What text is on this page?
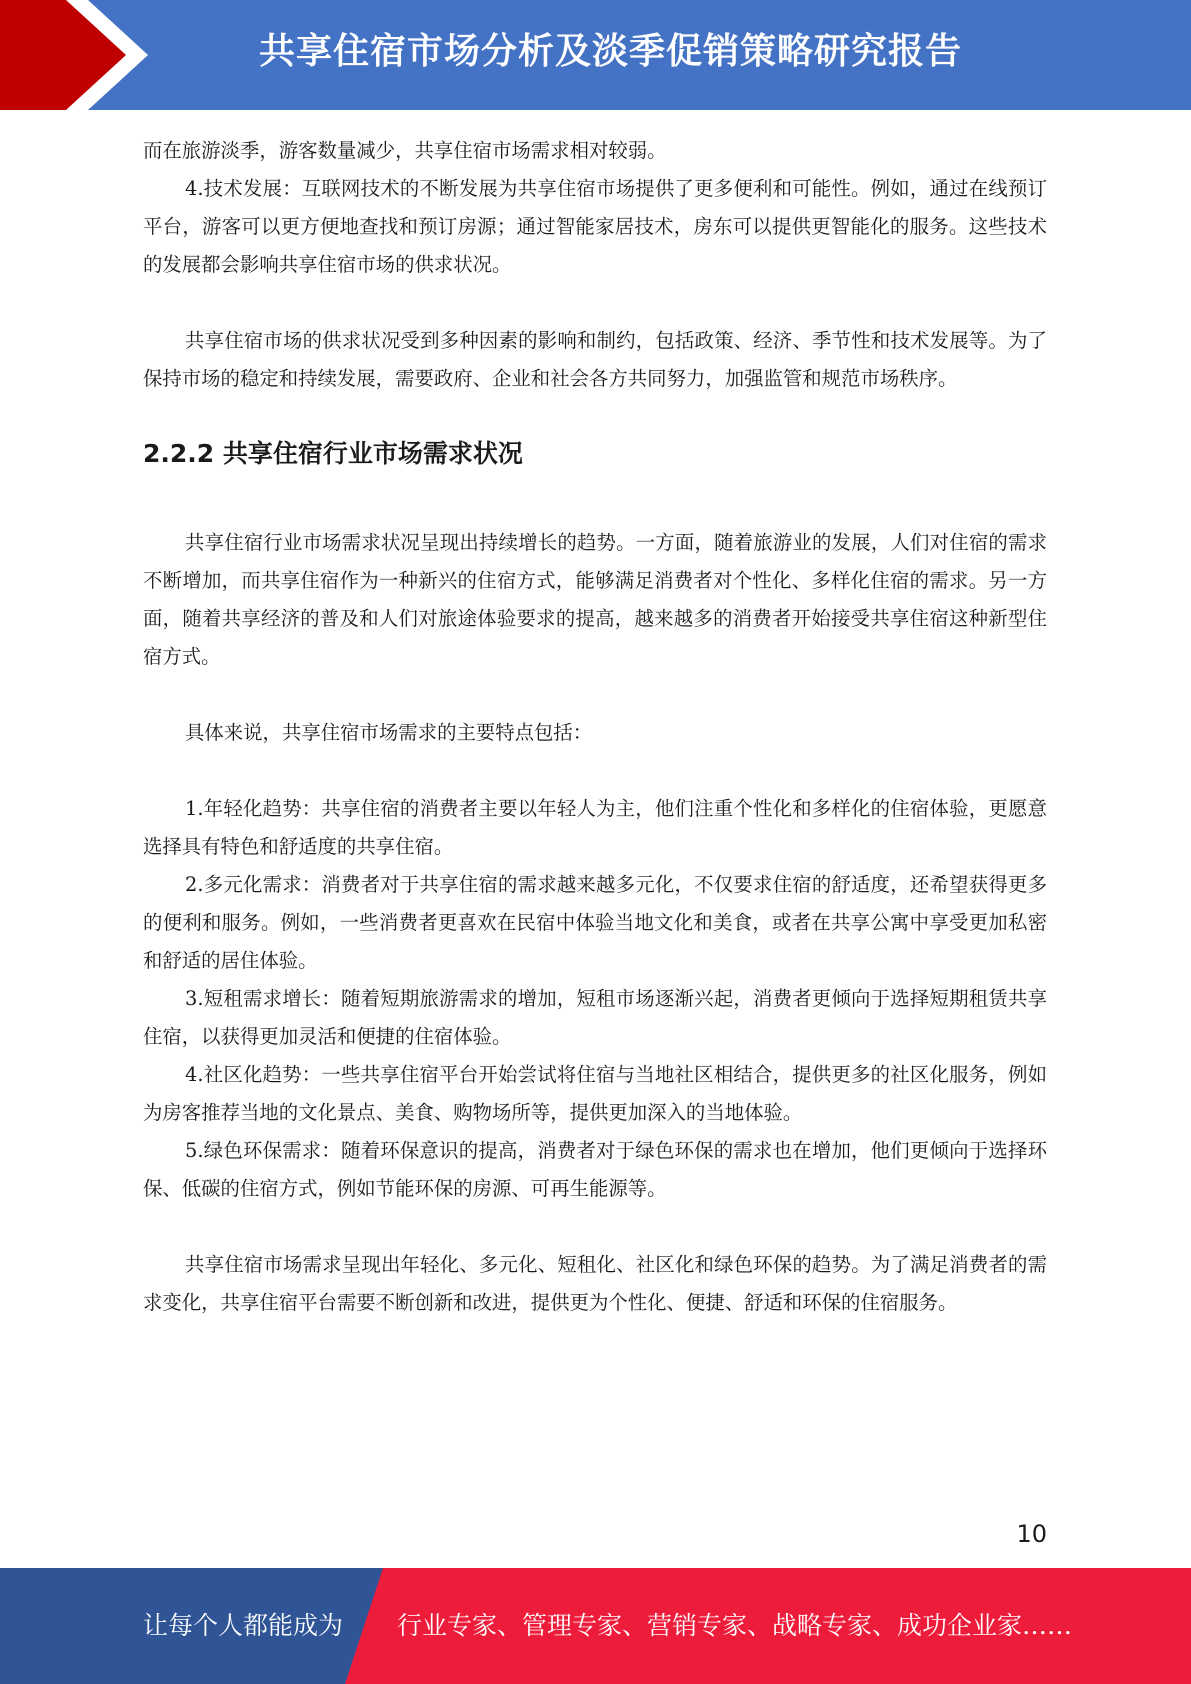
共享住宿市场分析及淡季促销策略研究报告

而在旅游淡季，游客数量减少，共享住宿市场需求相对较弱。

4.技术发展：互联网技术的不断发展为共享住宿市场提供了更多便利和可能性。例如，通过在线预订平台，游客可以更方便地查找和预订房源；通过智能家居技术，房东可以提供更智能化的服务。这些技术的发展都会影响共享住宿市场的供求状况。

共享住宿市场的供求状况受到多种因素的影响和制约，包括政策、经济、季节性和技术发展等。为了保持市场的稳定和持续发展，需要政府、企业和社会各方共同努力，加强监管和规范市场秩序。

2.2.2 共享住宿行业市场需求状况

共享住宿行业市场需求状况呈现出持续增长的趋势。一方面，随着旅游业的发展，人们对住宿的需求不断增加，而共享住宿作为一种新兴的住宿方式，能够满足消费者对个性化、多样化住宿的需求。另一方面，随着共享经济的普及和人们对旅途体验要求的提高，越来越多的消费者开始接受共享住宿这种新型住宿方式。

具体来说，共享住宿市场需求的主要特点包括：

1.年轻化趋势：共享住宿的消费者主要以年轻人为主，他们注重个性化和多样化的住宿体验，更愿意选择具有特色和舒适度的共享住宿。

2.多元化需求：消费者对于共享住宿的需求越来越多元化，不仅要求住宿的舒适度，还希望获得更多的便利和服务。例如，一些消费者更喜欢在民宿中体验当地文化和美食，或者在共享公寓中享受更加私密和舒适的居住体验。

3.短租需求增长：随着短期旅游需求的增加，短租市场逐渐兴起，消费者更倾向于选择短期租赁共享住宿，以获得更加灵活和便捷的住宿体验。

4.社区化趋势：一些共享住宿平台开始尝试将住宿与当地社区相结合，提供更多的社区化服务，例如为房客推荐当地的文化景点、美食、购物场所等，提供更加深入的当地体验。

5.绿色环保需求：随着环保意识的提高，消费者对于绿色环保的需求也在增加，他们更倾向于选择环保、低碳的住宿方式，例如节能环保的房源、可再生能源等。

共享住宿市场需求呈现出年轻化、多元化、短租化、社区化和绿色环保的趋势。为了满足消费者的需求变化，共享住宿平台需要不断创新和改进，提供更为个性化、便捷、舒适和环保的住宿服务。

10
让每个人都能成为 行业专家、管理专家、营销专家、战略专家、成功企业家……
